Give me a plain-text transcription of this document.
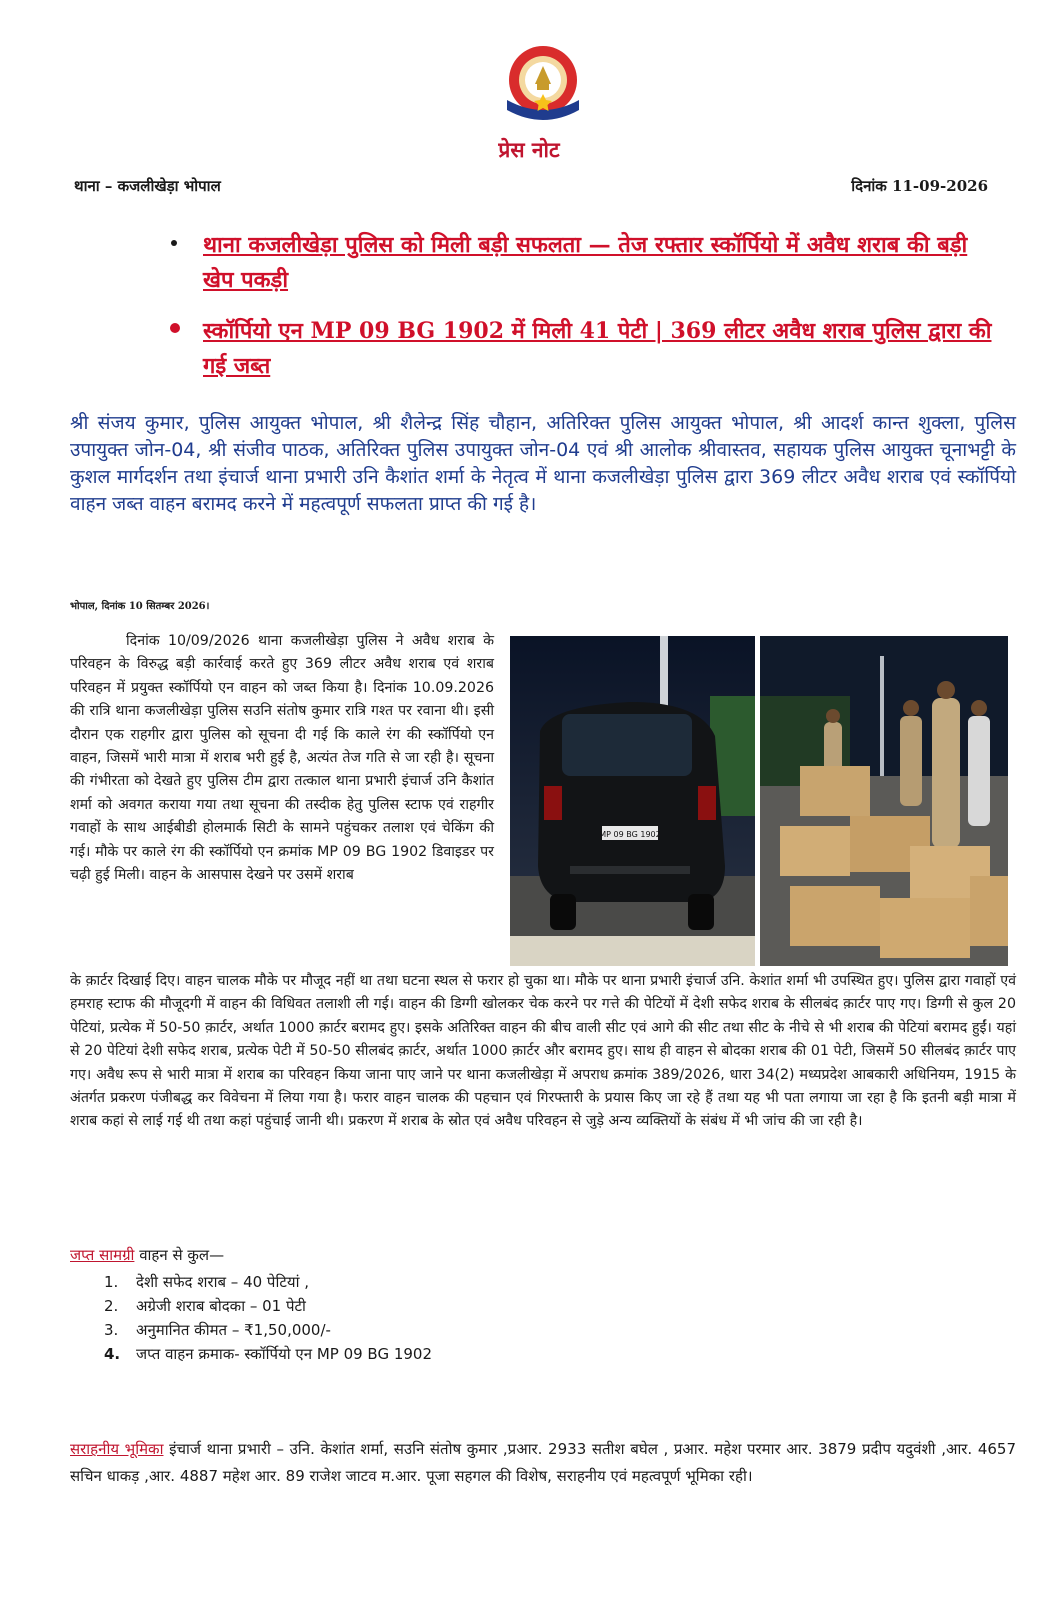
प्रेस नोट
थाना – कजलीखेड़ा भोपाल	दिनांक 11-09-2026
थाना कजलीखेड़ा पुलिस को मिली बड़ी सफलता — तेज रफ्तार स्कॉर्पियो में अवैध शराब की बड़ी खेप पकड़ी
स्कॉर्पियो एन MP 09 BG 1902 में मिली 41 पेटी | 369 लीटर अवैध शराब पुलिस द्वारा की गई जब्त
श्री संजय कुमार, पुलिस आयुक्त भोपाल, श्री शैलेन्द्र सिंह चौहान, अतिरिक्त पुलिस आयुक्त भोपाल, श्री आदर्श कान्त शुक्ला, पुलिस उपायुक्त जोन-04, श्री संजीव पाठक, अतिरिक्त पुलिस उपायुक्त जोन-04 एवं श्री आलोक श्रीवास्तव, सहायक पुलिस आयुक्त चूनाभट्टी के कुशल मार्गदर्शन तथा इंचार्ज थाना प्रभारी उनि कैशांत शर्मा के नेतृत्व में थाना कजलीखेड़ा पुलिस द्वारा 369 लीटर अवैध शराब एवं स्कॉर्पियो वाहन जब्त वाहन बरामद करने में महत्वपूर्ण सफलता प्राप्त की गई है।
भोपाल, दिनांक 10 सितम्बर 2026।
दिनांक 10/09/2026 थाना कजलीखेड़ा पुलिस ने अवैध शराब के परिवहन के विरुद्ध बड़ी कार्रवाई करते हुए 369 लीटर अवैध शराब एवं शराब परिवहन में प्रयुक्त स्कॉर्पियो एन वाहन को जब्त किया है। दिनांक 10.09.2026 की रात्रि थाना कजलीखेड़ा पुलिस सउनि संतोष कुमार रात्रि गश्त पर रवाना थी। इसी दौरान एक राहगीर द्वारा पुलिस को सूचना दी गई कि काले रंग की स्कॉर्पियो एन वाहन, जिसमें भारी मात्रा में शराब भरी हुई है, अत्यंत तेज गति से जा रही है। सूचना की गंभीरता को देखते हुए पुलिस टीम द्वारा तत्काल थाना प्रभारी इंचार्ज उनि कैशांत शर्मा को अवगत कराया गया तथा सूचना की तस्दीक हेतु पुलिस स्टाफ एवं राहगीर गवाहों के साथ आईबीडी होलमार्क सिटी के सामने पहुंचकर तलाश एवं चेकिंग की गई। मौके पर काले रंग की स्कॉर्पियो एन क्रमांक MP 09 BG 1902 डिवाइडर पर चढ़ी हुई मिली। वाहन के आसपास देखने पर उसमें शराब
MP 09 BG 1902
के क़ार्टर दिखाई दिए। वाहन चालक मौके पर मौजूद नहीं था तथा घटना स्थल से फरार हो चुका था। मौके पर थाना प्रभारी इंचार्ज उनि. केशांत शर्मा भी उपस्थित हुए। पुलिस द्वारा गवाहों एवं हमराह स्टाफ की मौजूदगी में वाहन की विधिवत तलाशी ली गई। वाहन की डिग्गी खोलकर चेक करने पर गत्ते की पेटियों में देशी सफेद शराब के सीलबंद क़ार्टर पाए गए। डिग्गी से कुल 20 पेटियां, प्रत्येक में 50-50 क़ार्टर, अर्थात 1000 क़ार्टर बरामद हुए। इसके अतिरिक्त वाहन की बीच वाली सीट एवं आगे की सीट तथा सीट के नीचे से भी शराब की पेटियां बरामद हुईं। यहां से 20 पेटियां देशी सफेद शराब, प्रत्येक पेटी में 50-50 सीलबंद क़ार्टर, अर्थात 1000 क़ार्टर और बरामद हुए। साथ ही वाहन से बोदका शराब की 01 पेटी, जिसमें 50 सीलबंद क़ार्टर पाए गए। अवैध रूप से भारी मात्रा में शराब का परिवहन किया जाना पाए जाने पर थाना कजलीखेड़ा में अपराध क्रमांक 389/2026, धारा 34(2) मध्यप्रदेश आबकारी अधिनियम, 1915 के अंतर्गत प्रकरण पंजीबद्ध कर विवेचना में लिया गया है। फरार वाहन चालक की पहचान एवं गिरफ्तारी के प्रयास किए जा रहे हैं तथा यह भी पता लगाया जा रहा है कि इतनी बड़ी मात्रा में शराब कहां से लाई गई थी तथा कहां पहुंचाई जानी थी। प्रकरण में शराब के स्रोत एवं अवैध परिवहन से जुड़े अन्य व्यक्तियों के संबंध में भी जांच की जा रही है।
जप्त सामग्री वाहन से कुल—
1.	देशी सफेद शराब – 40 पेटियां ,
2.	अग्रेजी शराब बोदका – 01 पेटी
3.	अनुमानित कीमत – ₹1,50,000/-
4.	जप्त वाहन क्रमाक- स्कॉर्पियो एन MP 09 BG 1902
सराहनीय भूमिका इंचार्ज थाना प्रभारी – उनि. केशांत शर्मा, सउनि संतोष कुमार ,प्रआर. 2933 सतीश बघेल , प्रआर. महेश परमार आर. 3879 प्रदीप यदुवंशी ,आर. 4657 सचिन धाकड़ ,आर. 4887 महेश आर. 89 राजेश जाटव म.आर. पूजा सहगल की विशेष, सराहनीय एवं महत्वपूर्ण भूमिका रही।
